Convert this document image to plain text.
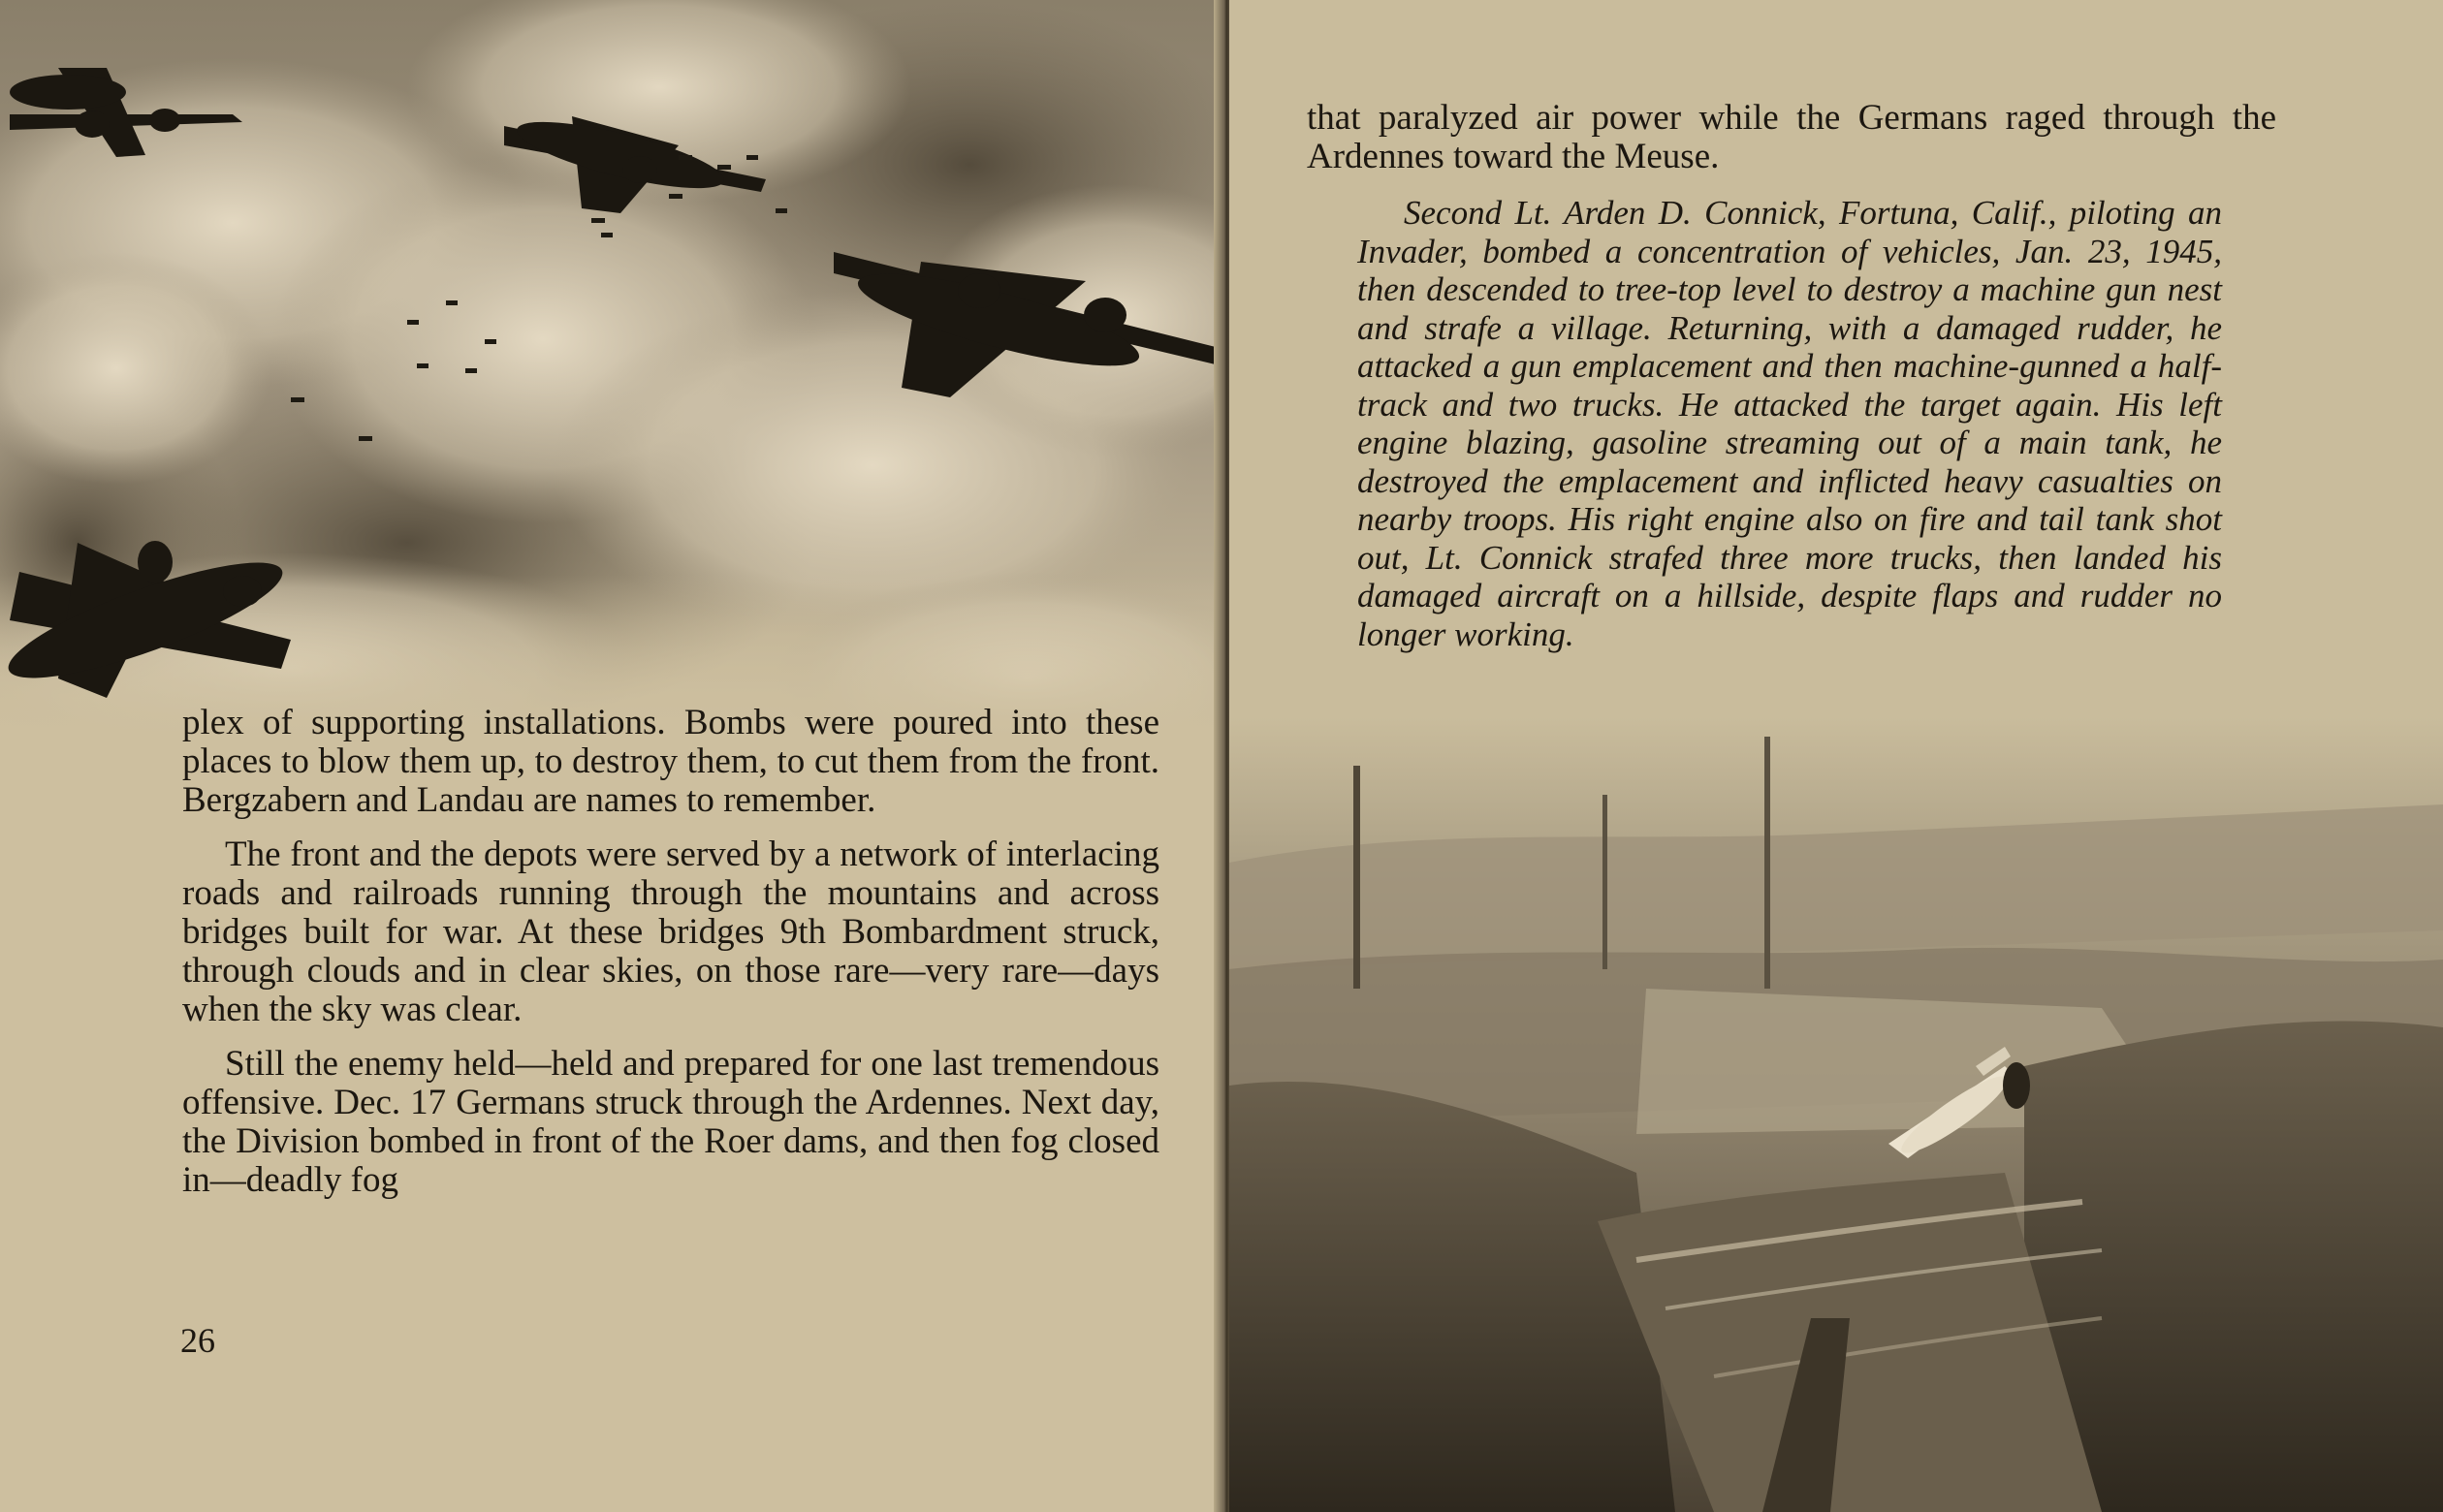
plex of supporting installations. Bombs were poured into these places to blow them up, to destroy them, to cut them from the front. Bergzabern and Landau are names to remember.

The front and the depots were served by a network of interlacing roads and railroads running through the mountains and across bridges built for war. At these bridges 9th Bombardment struck, through clouds and in clear skies, on those rare—very rare—days when the sky was clear.

Still the enemy held—held and prepared for one last tremendous offensive. Dec. 17 Germans struck through the Ardennes. Next day, the Division bombed in front of the Roer dams, and then fog closed in—deadly fog

26

that paralyzed air power while the Germans raged through the Ardennes toward the Meuse.

Second Lt. Arden D. Connick, Fortuna, Calif., piloting an Invader, bombed a concentration of vehicles, Jan. 23, 1945, then descended to tree-top level to destroy a machine gun nest and strafe a village. Returning, with a damaged rudder, he attacked a gun emplacement and then machine-gunned a half-track and two trucks. He attacked the target again. His left engine blazing, gasoline streaming out of a main tank, he destroyed the emplacement and inflicted heavy casualties on nearby troops. His right engine also on fire and tail tank shot out, Lt. Connick strafed three more trucks, then landed his damaged aircraft on a hillside, despite flaps and rudder no longer working.
